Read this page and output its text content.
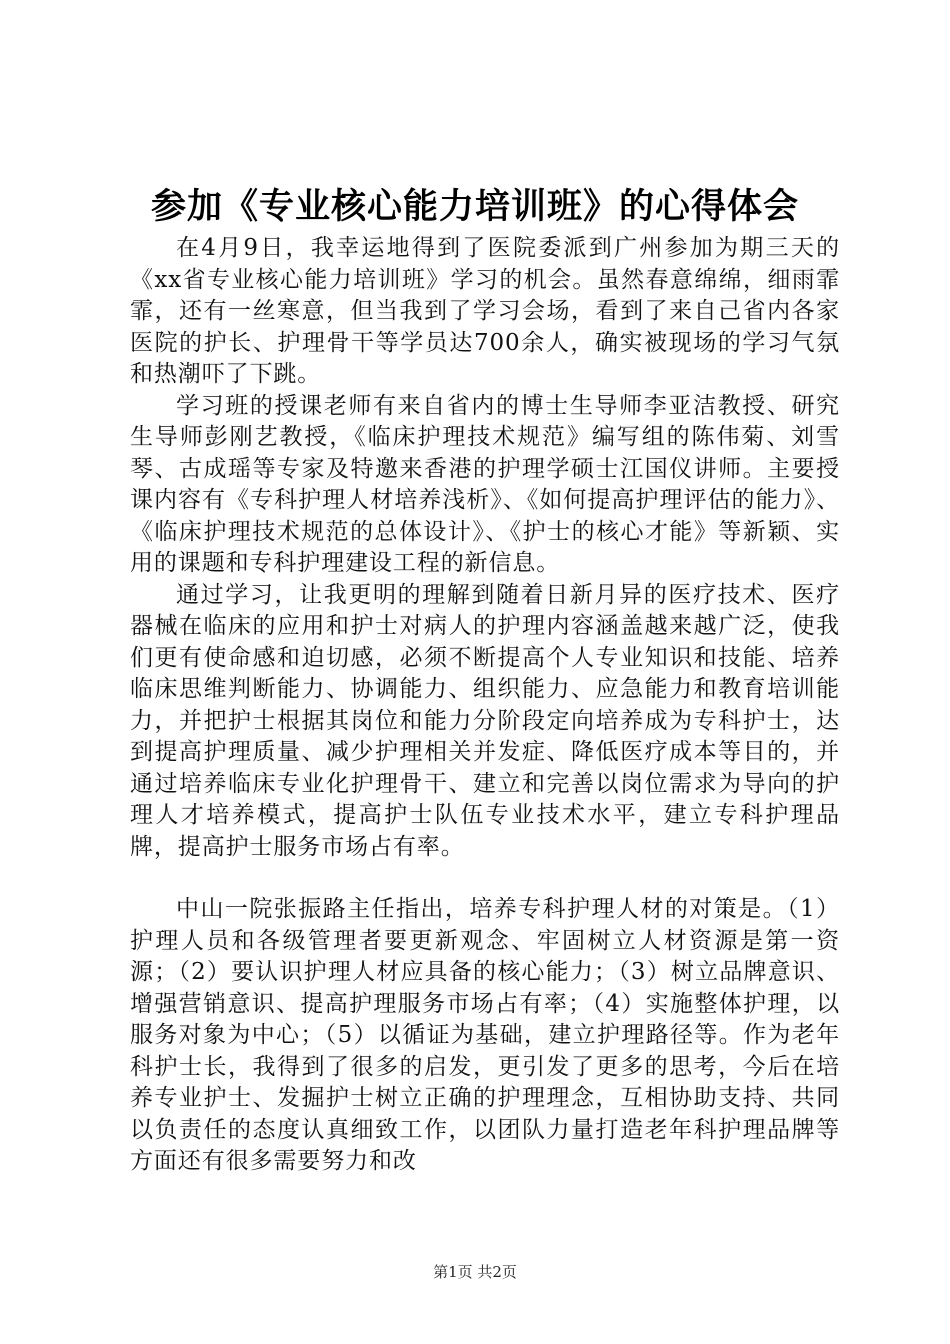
参加《专业核心能力培训班》的心得体会

在4月9日，我幸运地得到了医院委派到广州参加为期三天的《xx省专业核心能力培训班》学习的机会。虽然春意绵绵，细雨霏霏，还有一丝寒意，但当我到了学习会场，看到了来自己省内各家医院的护长、护理骨干等学员达700余人，确实被现场的学习气氛和热潮吓了下跳。

学习班的授课老师有来自省内的博士生导师李亚洁教授、研究生导师彭刚艺教授，《临床护理技术规范》编写组的陈伟菊、刘雪琴、古成瑶等专家及特邀来香港的护理学硕士江国仪讲师。主要授课内容有《专科护理人材培养浅析》、《如何提高护理评估的能力》、《临床护理技术规范的总体设计》、《护士的核心才能》等新颖、实用的课题和专科护理建设工程的新信息。

通过学习，让我更明的理解到随着日新月异的医疗技术、医疗器械在临床的应用和护士对病人的护理内容涵盖越来越广泛，使我们更有使命感和迫切感，必须不断提高个人专业知识和技能、培养临床思维判断能力、协调能力、组织能力、应急能力和教育培训能力，并把护士根据其岗位和能力分阶段定向培养成为专科护士，达到提高护理质量、减少护理相关并发症、降低医疗成本等目的，并通过培养临床专业化护理骨干、建立和完善以岗位需求为导向的护理人才培养模式，提高护士队伍专业技术水平，建立专科护理品牌，提高护士服务市场占有率。

中山一院张振路主任指出，培养专科护理人材的对策是。（1）护理人员和各级管理者要更新观念、牢固树立人材资源是第一资源；（2）要认识护理人材应具备的核心能力；（3）树立品牌意识、增强营销意识、提高护理服务市场占有率；（4）实施整体护理，以服务对象为中心；（5）以循证为基础，建立护理路径等。作为老年科护士长，我得到了很多的启发，更引发了更多的思考，今后在培养专业护士、发掘护士树立正确的护理理念，互相协助支持、共同以负责任的态度认真细致工作，以团队力量打造老年科护理品牌等方面还有很多需要努力和改

第1页 共2页
